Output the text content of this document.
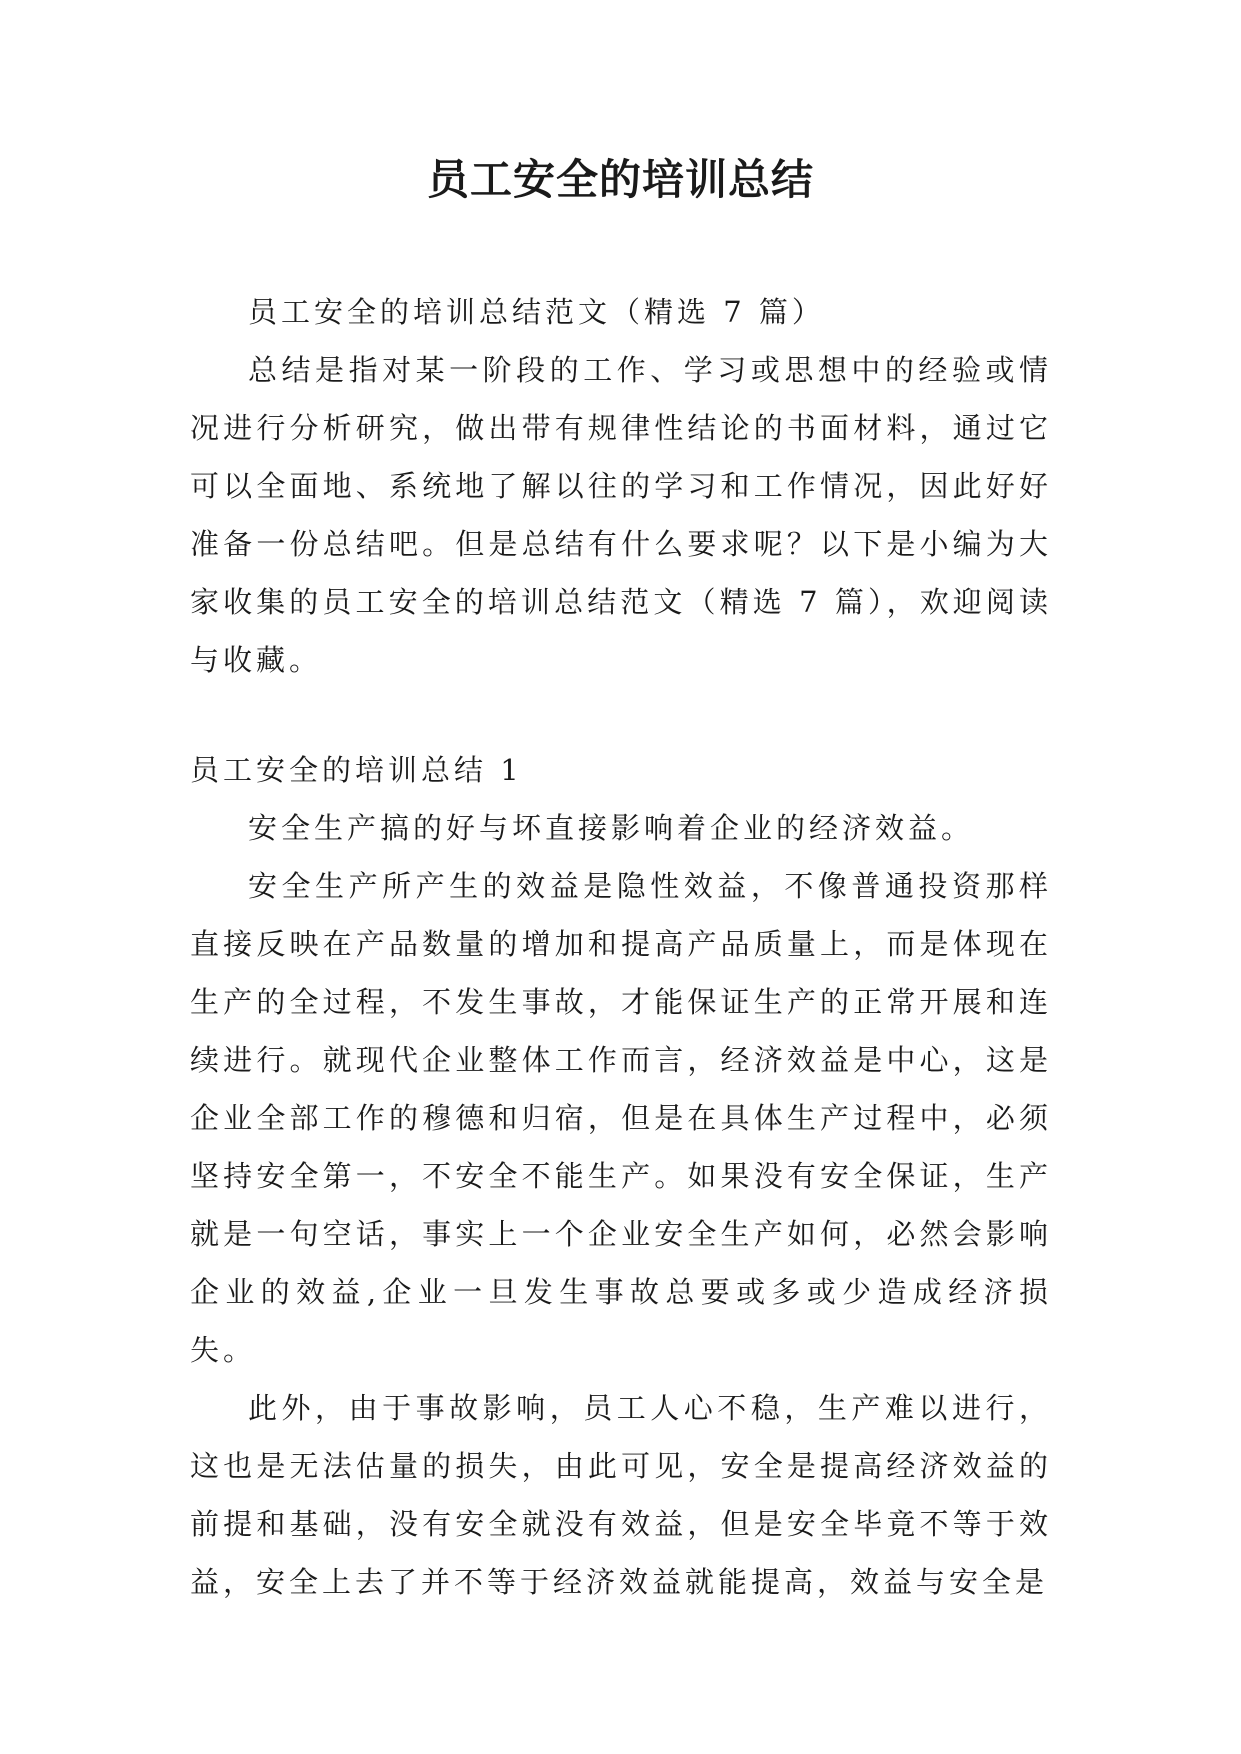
员工安全的培训总结

员工安全的培训总结范文（精选 7 篇）

总结是指对某一阶段的工作、学习或思想中的经验或情况进行分析研究，做出带有规律性结论的书面材料，通过它可以全面地、系统地了解以往的学习和工作情况，因此好好准备一份总结吧。但是总结有什么要求呢？以下是小编为大家收集的员工安全的培训总结范文（精选 7 篇），欢迎阅读与收藏。

员工安全的培训总结 1

安全生产搞的好与坏直接影响着企业的经济效益。

安全生产所产生的效益是隐性效益，不像普通投资那样直接反映在产品数量的增加和提高产品质量上，而是体现在生产的全过程，不发生事故，才能保证生产的正常开展和连续进行。就现代企业整体工作而言，经济效益是中心，这是企业全部工作的穆德和归宿，但是在具体生产过程中，必须坚持安全第一，不安全不能生产。如果没有安全保证，生产就是一句空话，事实上一个企业安全生产如何，必然会影响企业的效益,企业一旦发生事故总要或多或少造成经济损失。

此外，由于事故影响，员工人心不稳，生产难以进行，这也是无法估量的损失，由此可见，安全是提高经济效益的前提和基础，没有安全就没有效益，但是安全毕竟不等于效益，安全上去了并不等于经济效益就能提高，效益与安全是
